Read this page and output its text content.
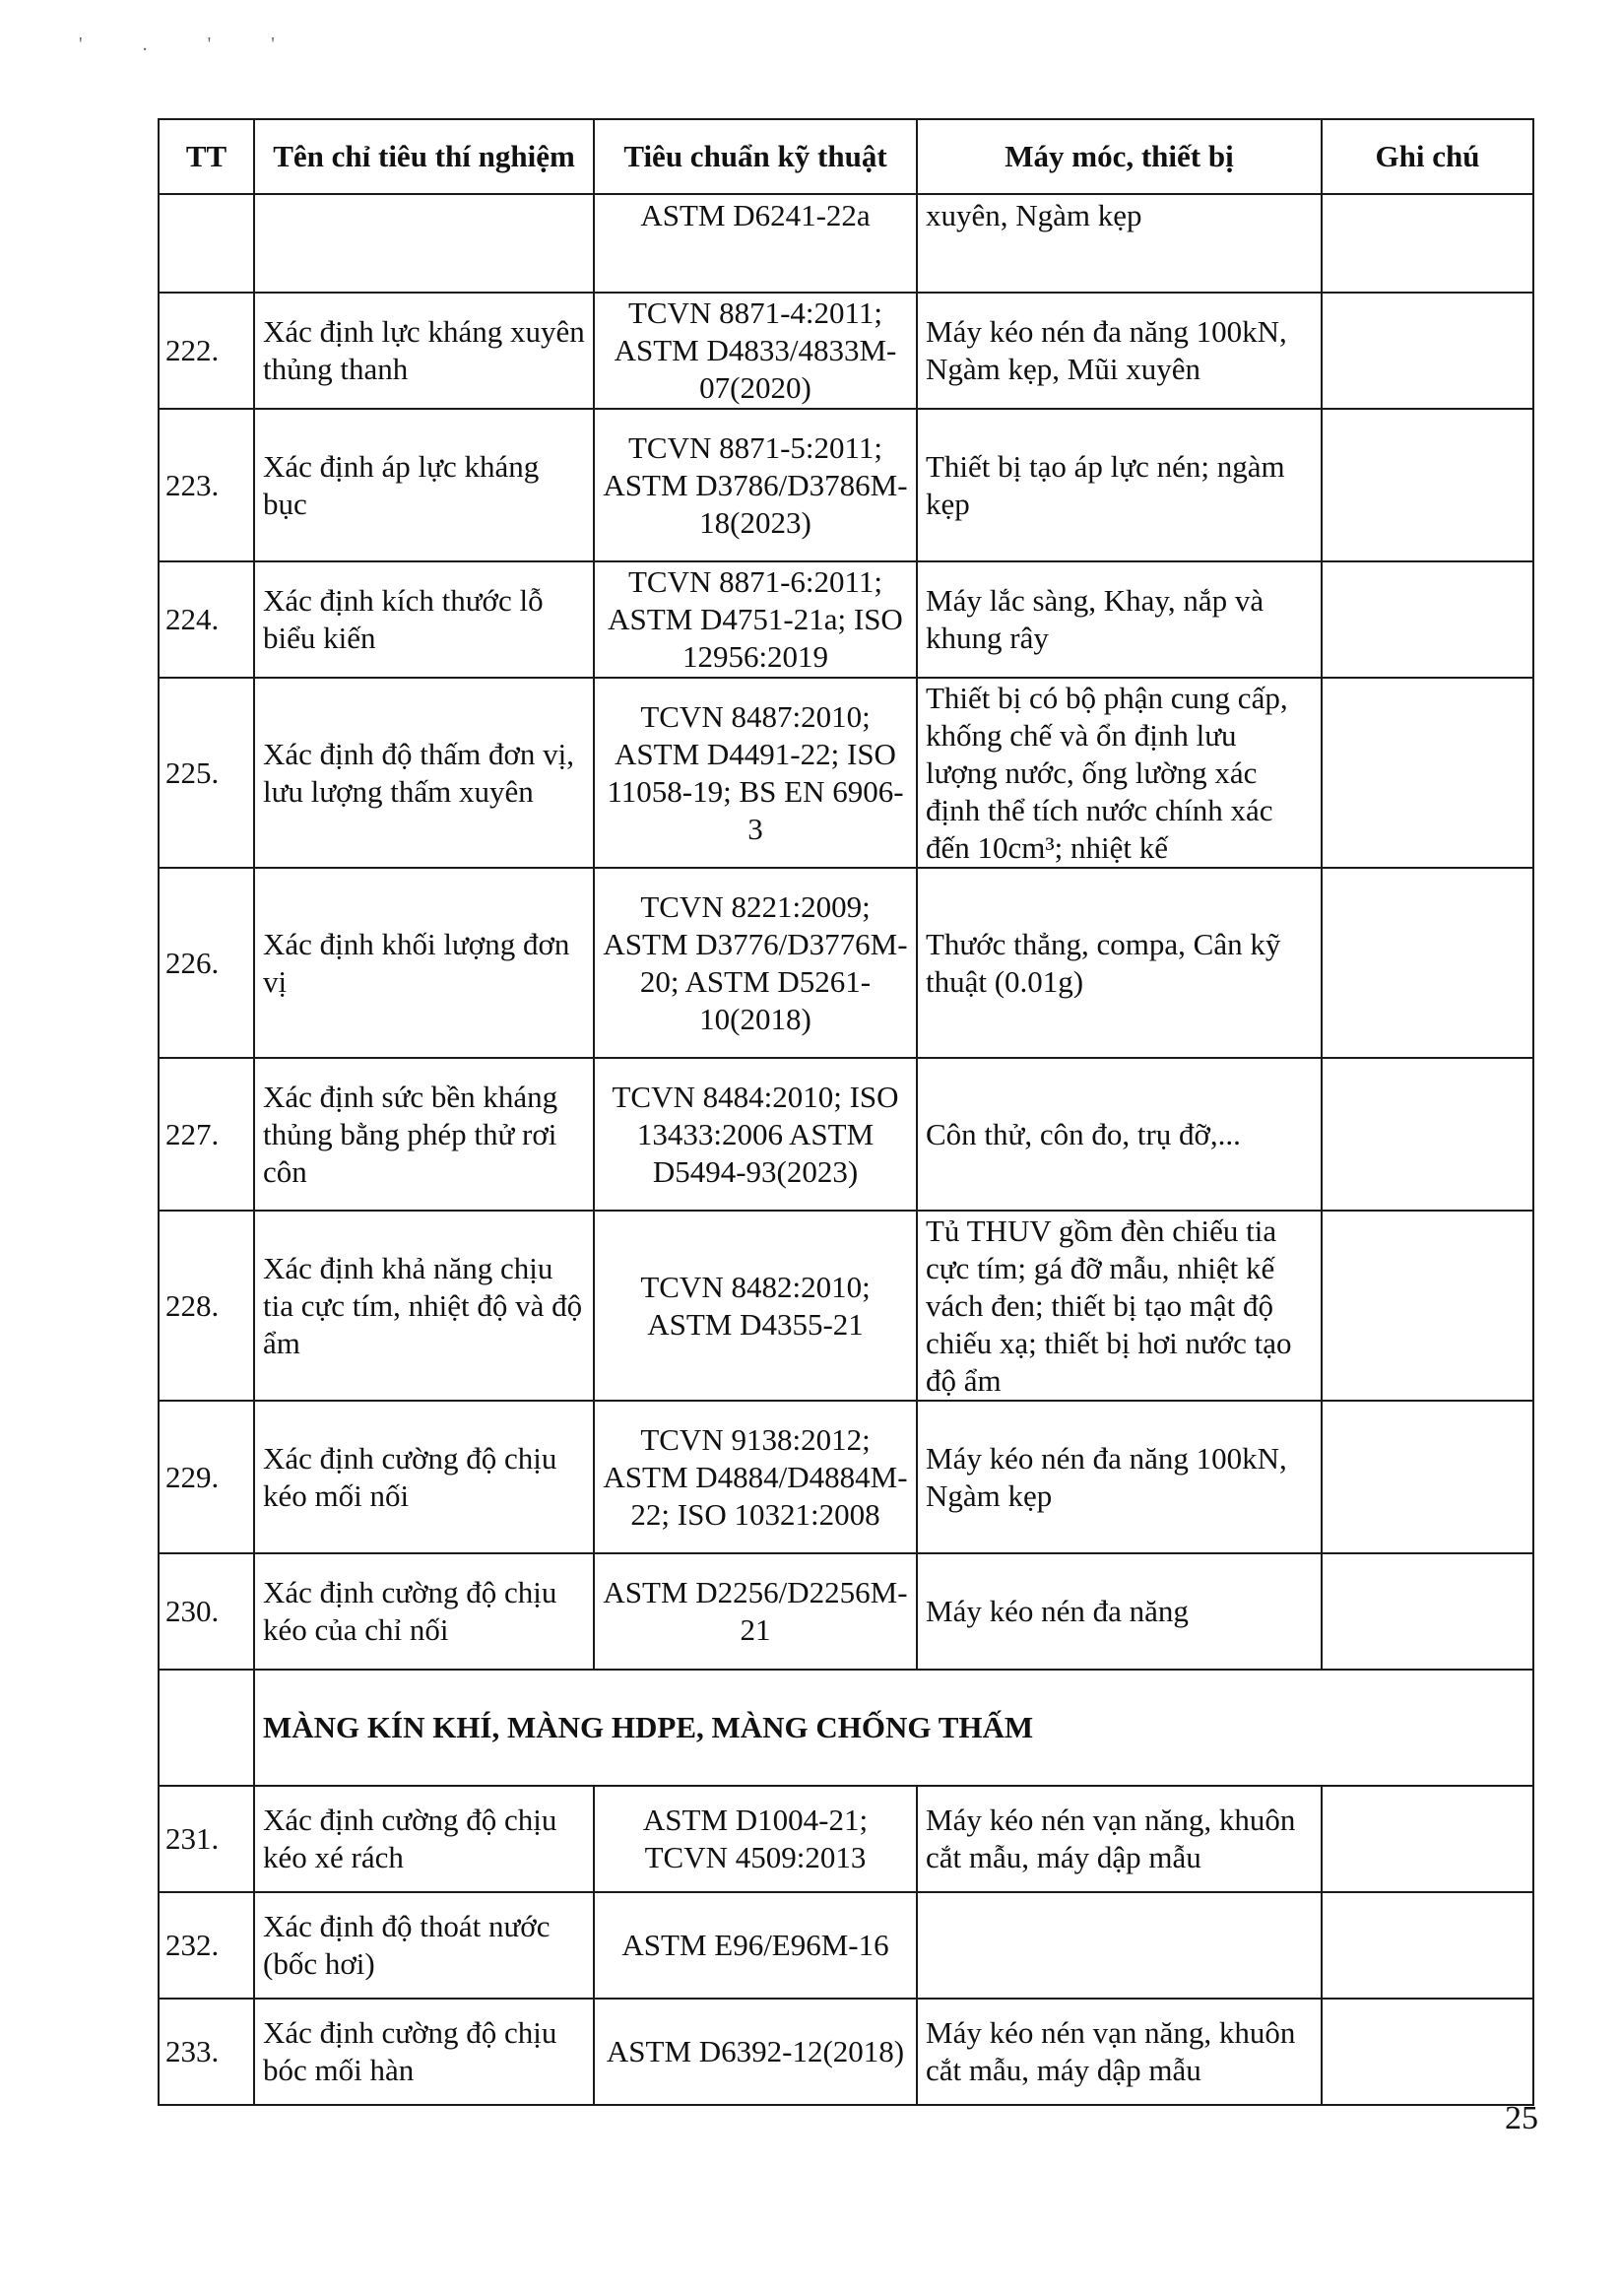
' . ' '
TT	Tên chỉ tiêu thí nghiệm	Tiêu chuẩn kỹ thuật	Máy móc, thiết bị	Ghi chú
		ASTM D6241-22a	xuyên, Ngàm kẹp	
222.	Xác định lực kháng xuyên thủng thanh	TCVN 8871-4:2011; ASTM D4833/4833M-07(2020)	Máy kéo nén đa năng 100kN, Ngàm kẹp, Mũi xuyên	
223.	Xác định áp lực kháng bục	TCVN 8871-5:2011; ASTM D3786/D3786M-18(2023)	Thiết bị tạo áp lực nén; ngàm kẹp	
224.	Xác định kích thước lỗ biểu kiến	TCVN 8871-6:2011; ASTM D4751-21a; ISO 12956:2019	Máy lắc sàng, Khay, nắp và khung rây	
225.	Xác định độ thấm đơn vị, lưu lượng thấm xuyên	TCVN 8487:2010; ASTM D4491-22; ISO 11058-19; BS EN 6906-3	Thiết bị có bộ phận cung cấp, khống chế và ổn định lưu lượng nước, ống lường xác định thể tích nước chính xác đến 10cm³; nhiệt kế	
226.	Xác định khối lượng đơn vị	TCVN 8221:2009; ASTM D3776/D3776M-20; ASTM D5261-10(2018)	Thước thẳng, compa, Cân kỹ thuật (0.01g)	
227.	Xác định sức bền kháng thủng bằng phép thử rơi côn	TCVN 8484:2010; ISO 13433:2006 ASTM D5494-93(2023)	Côn thử, côn đo, trụ đỡ,...	
228.	Xác định khả năng chịu tia cực tím, nhiệt độ và độ ẩm	TCVN 8482:2010; ASTM D4355-21	Tủ THUV gồm đèn chiếu tia cực tím; gá đỡ mẫu, nhiệt kế vách đen; thiết bị tạo mật độ chiếu xạ; thiết bị hơi nước tạo độ ẩm	
229.	Xác định cường độ chịu kéo mối nối	TCVN 9138:2012; ASTM D4884/D4884M-22; ISO 10321:2008	Máy kéo nén đa năng 100kN, Ngàm kẹp	
230.	Xác định cường độ chịu kéo của chỉ nối	ASTM D2256/D2256M-21	Máy kéo nén đa năng	
	MÀNG KÍN KHÍ, MÀNG HDPE, MÀNG CHỐNG THẤM			
231.	Xác định cường độ chịu kéo xé rách	ASTM D1004-21; TCVN 4509:2013	Máy kéo nén vạn năng, khuôn cắt mẫu, máy dập mẫu	
232.	Xác định độ thoát nước (bốc hơi)	ASTM E96/E96M-16		
233.	Xác định cường độ chịu bóc mối hàn	ASTM D6392-12(2018)	Máy kéo nén vạn năng, khuôn cắt mẫu, máy dập mẫu	
25
